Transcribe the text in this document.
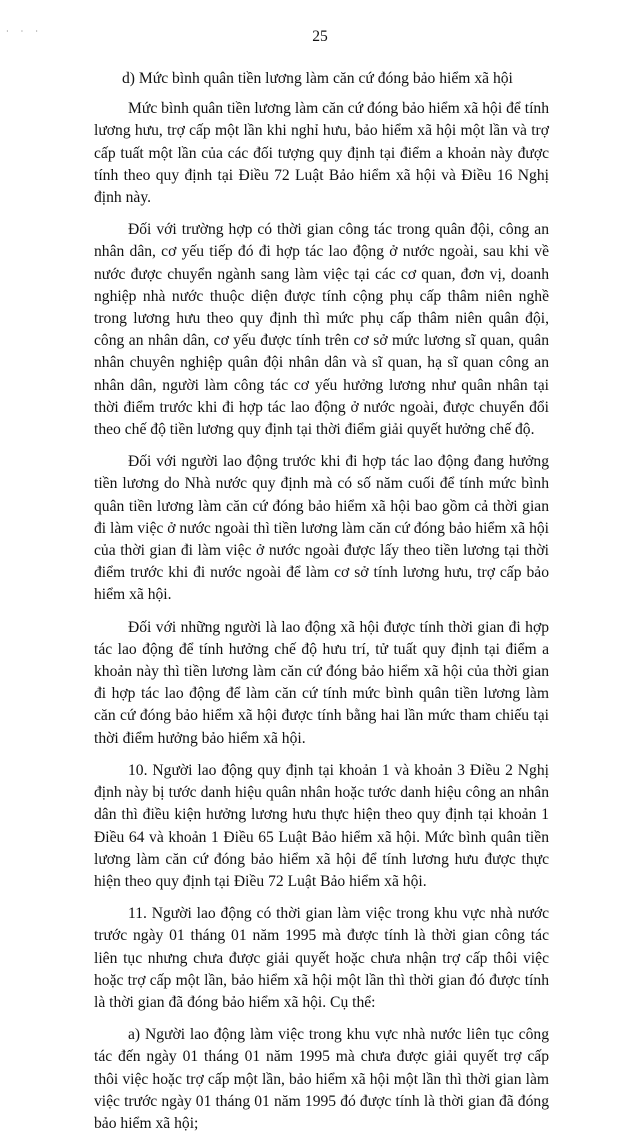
· · ·	25

d) Mức bình quân tiền lương làm căn cứ đóng bảo hiểm xã hội

Mức bình quân tiền lương làm căn cứ đóng bảo hiểm xã hội để tính lương hưu, trợ cấp một lần khi nghỉ hưu, bảo hiểm xã hội một lần và trợ cấp tuất một lần của các đối tượng quy định tại điểm a khoản này được tính theo quy định tại Điều 72 Luật Bảo hiểm xã hội và Điều 16 Nghị định này.

Đối với trường hợp có thời gian công tác trong quân đội, công an nhân dân, cơ yếu tiếp đó đi hợp tác lao động ở nước ngoài, sau khi về nước được chuyển ngành sang làm việc tại các cơ quan, đơn vị, doanh nghiệp nhà nước thuộc diện được tính cộng phụ cấp thâm niên nghề trong lương hưu theo quy định thì mức phụ cấp thâm niên quân đội, công an nhân dân, cơ yếu được tính trên cơ sở mức lương sĩ quan, quân nhân chuyên nghiệp quân đội nhân dân và sĩ quan, hạ sĩ quan công an nhân dân, người làm công tác cơ yếu hưởng lương như quân nhân tại thời điểm trước khi đi hợp tác lao động ở nước ngoài, được chuyển đổi theo chế độ tiền lương quy định tại thời điểm giải quyết hưởng chế độ.

Đối với người lao động trước khi đi hợp tác lao động đang hưởng tiền lương do Nhà nước quy định mà có số năm cuối để tính mức bình quân tiền lương làm căn cứ đóng bảo hiểm xã hội bao gồm cả thời gian đi làm việc ở nước ngoài thì tiền lương làm căn cứ đóng bảo hiểm xã hội của thời gian đi làm việc ở nước ngoài được lấy theo tiền lương tại thời điểm trước khi đi nước ngoài để làm cơ sở tính lương hưu, trợ cấp bảo hiểm xã hội.

Đối với những người là lao động xã hội được tính thời gian đi hợp tác lao động để tính hưởng chế độ hưu trí, tử tuất quy định tại điểm a khoản này thì tiền lương làm căn cứ đóng bảo hiểm xã hội của thời gian đi hợp tác lao động để làm căn cứ tính mức bình quân tiền lương làm căn cứ đóng bảo hiểm xã hội được tính bằng hai lần mức tham chiếu tại thời điểm hưởng bảo hiểm xã hội.

10. Người lao động quy định tại khoản 1 và khoản 3 Điều 2 Nghị định này bị tước danh hiệu quân nhân hoặc tước danh hiệu công an nhân dân thì điều kiện hưởng lương hưu thực hiện theo quy định tại khoản 1 Điều 64 và khoản 1 Điều 65 Luật Bảo hiểm xã hội. Mức bình quân tiền lương làm căn cứ đóng bảo hiểm xã hội để tính lương hưu được thực hiện theo quy định tại Điều 72 Luật Bảo hiểm xã hội.

11. Người lao động có thời gian làm việc trong khu vực nhà nước trước ngày 01 tháng 01 năm 1995 mà được tính là thời gian công tác liên tục nhưng chưa được giải quyết hoặc chưa nhận trợ cấp thôi việc hoặc trợ cấp một lần, bảo hiểm xã hội một lần thì thời gian đó được tính là thời gian đã đóng bảo hiểm xã hội. Cụ thể:

a) Người lao động làm việc trong khu vực nhà nước liên tục công tác đến ngày 01 tháng 01 năm 1995 mà chưa được giải quyết trợ cấp thôi việc hoặc trợ cấp một lần, bảo hiểm xã hội một lần thì thời gian làm việc trước ngày 01 tháng 01 năm 1995 đó được tính là thời gian đã đóng bảo hiểm xã hội;
